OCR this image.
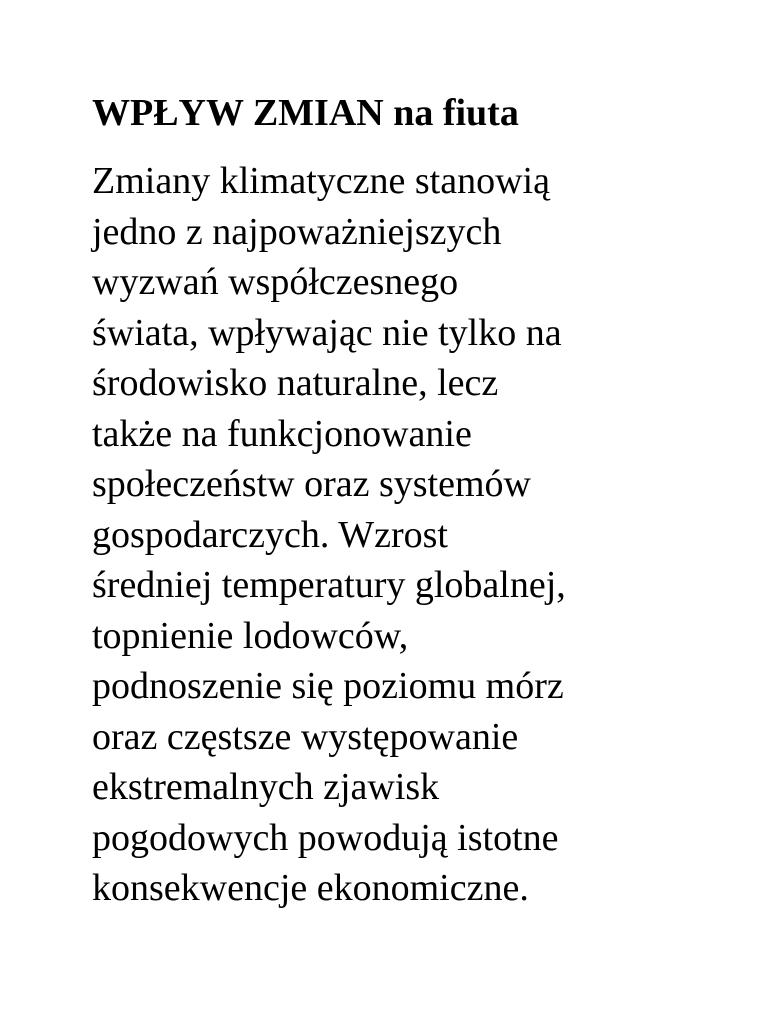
WPŁYW ZMIAN na fiuta

Zmiany klimatyczne stanowią
jedno z najpoważniejszych
wyzwań współczesnego
świata, wpływając nie tylko na
środowisko naturalne, lecz
także na funkcjonowanie
społeczeństw oraz systemów
gospodarczych. Wzrost
średniej temperatury globalnej,
topnienie lodowców,
podnoszenie się poziomu mórz
oraz częstsze występowanie
ekstremalnych zjawisk
pogodowych powodują istotne
konsekwencje ekonomiczne.
